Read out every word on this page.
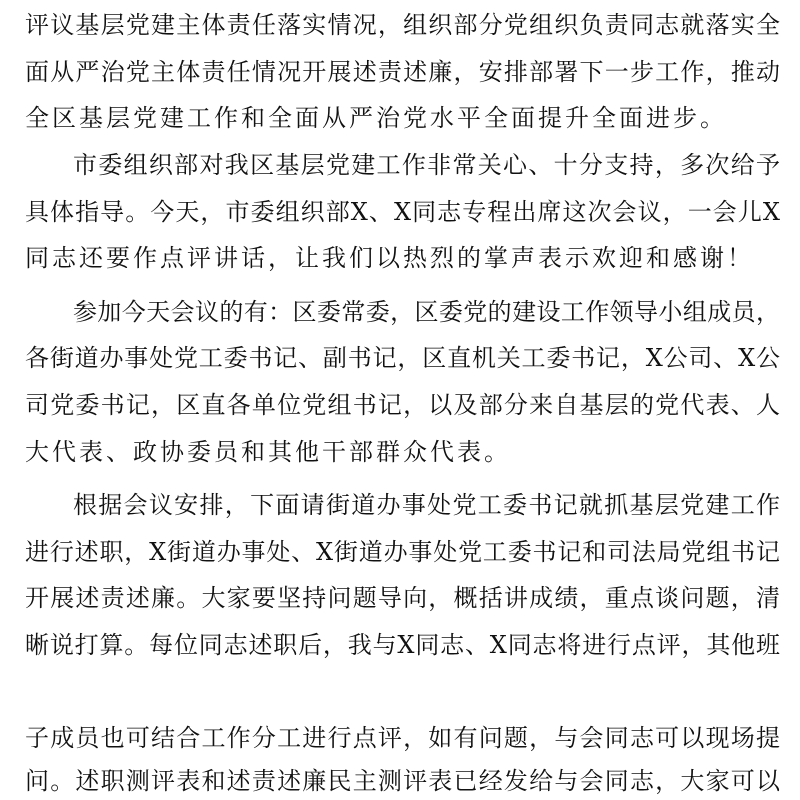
评议基层党建主体责任落实情况，组织部分党组织负责同志就落实全
面从严治党主体责任情况开展述责述廉，安排部署下一步工作，推动
全区基层党建工作和全面从严治党水平全面提升全面进步。
市委组织部对我区基层党建工作非常关心、十分支持，多次给予
具体指导。今天，市委组织部X、X同志专程出席这次会议，一会儿X
同志还要作点评讲话，让我们以热烈的掌声表示欢迎和感谢！
参加今天会议的有：区委常委，区委党的建设工作领导小组成员，
各街道办事处党工委书记、副书记，区直机关工委书记，X公司、X公
司党委书记，区直各单位党组书记，以及部分来自基层的党代表、人
大代表、政协委员和其他干部群众代表。
根据会议安排，下面请街道办事处党工委书记就抓基层党建工作
进行述职，X街道办事处、X街道办事处党工委书记和司法局党组书记
开展述责述廉。大家要坚持问题导向，概括讲成绩，重点谈问题，清
晰说打算。每位同志述职后，我与X同志、X同志将进行点评，其他班
子成员也可结合工作分工进行点评，如有问题，与会同志可以现场提
问。述职测评表和述责述廉民主测评表已经发给与会同志，大家可以
